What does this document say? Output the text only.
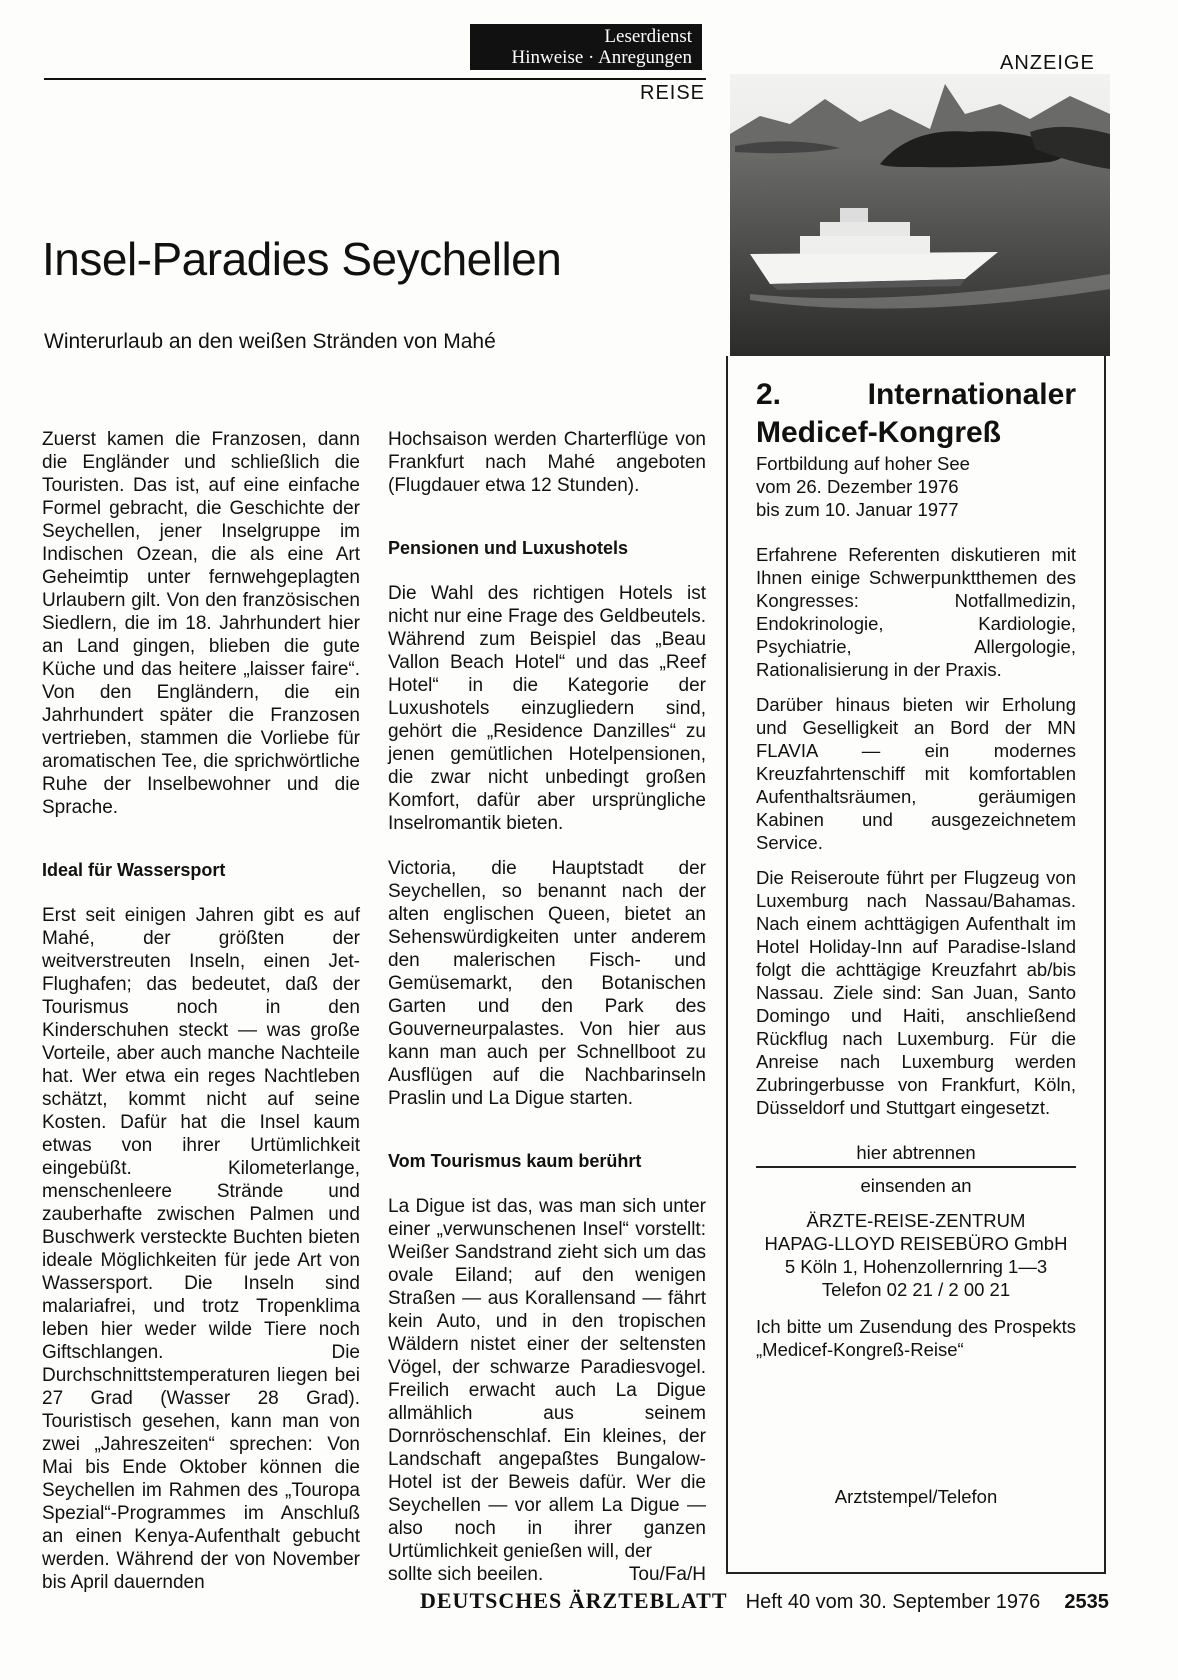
Leserdienst
Hinweise · Anregungen
REISE
ANZEIGE
Insel-Paradies Seychellen
Winterurlaub an den weißen Stränden von Mahé

Zuerst kamen die Franzosen, dann die Engländer und schließlich die Touristen. Das ist, auf eine einfache Formel gebracht, die Geschichte der Seychellen, jener Inselgruppe im Indischen Ozean, die als eine Art Geheimtip unter fernwehgeplagten Urlaubern gilt. Von den französischen Siedlern, die im 18. Jahrhundert hier an Land gingen, blieben die gute Küche und das heitere „laisser faire“. Von den Engländern, die ein Jahrhundert später die Franzosen vertrieben, stammen die Vorliebe für aromatischen Tee, die sprichwörtliche Ruhe der Inselbewohner und die Sprache.

Ideal für Wassersport

Erst seit einigen Jahren gibt es auf Mahé, der größten der weitverstreuten Inseln, einen Jet-Flughafen; das bedeutet, daß der Tourismus noch in den Kinderschuhen steckt — was große Vorteile, aber auch manche Nachteile hat. Wer etwa ein reges Nachtleben schätzt, kommt nicht auf seine Kosten. Dafür hat die Insel kaum etwas von ihrer Urtümlichkeit eingebüßt. Kilometerlange, menschenleere Strände und zauberhafte zwischen Palmen und Buschwerk versteckte Buchten bieten ideale Möglichkeiten für jede Art von Wassersport. Die Inseln sind malariafrei, und trotz Tropenklima leben hier weder wilde Tiere noch Giftschlangen. Die Durchschnittstemperaturen liegen bei 27 Grad (Wasser 28 Grad). Touristisch gesehen, kann man von zwei „Jahreszeiten“ sprechen: Von Mai bis Ende Oktober können die Seychellen im Rahmen des „Touropa Spezial“-Programmes im Anschluß an einen Kenya-Aufenthalt gebucht werden. Während der von November bis April dauernden

Hochsaison werden Charterflüge von Frankfurt nach Mahé angeboten (Flugdauer etwa 12 Stunden).

Pensionen und Luxushotels

Die Wahl des richtigen Hotels ist nicht nur eine Frage des Geldbeutels. Während zum Beispiel das „Beau Vallon Beach Hotel“ und das „Reef Hotel“ in die Kategorie der Luxushotels einzugliedern sind, gehört die „Residence Danzilles“ zu jenen gemütlichen Hotelpensionen, die zwar nicht unbedingt großen Komfort, dafür aber ursprüngliche Inselromantik bieten.

Victoria, die Hauptstadt der Seychellen, so benannt nach der alten englischen Queen, bietet an Sehenswürdigkeiten unter anderem den malerischen Fisch- und Gemüsemarkt, den Botanischen Garten und den Park des Gouverneurpalastes. Von hier aus kann man auch per Schnellboot zu Ausflügen auf die Nachbarinseln Praslin und La Digue starten.

Vom Tourismus kaum berührt

La Digue ist das, was man sich unter einer „verwunschenen Insel“ vorstellt: Weißer Sandstrand zieht sich um das ovale Eiland; auf den wenigen Straßen — aus Korallensand — fährt kein Auto, und in den tropischen Wäldern nistet einer der seltensten Vögel, der schwarze Paradiesvogel. Freilich erwacht auch La Digue allmählich aus seinem Dornröschenschlaf. Ein kleines, der Landschaft angepaßtes Bungalow-Hotel ist der Beweis dafür. Wer die Seychellen — vor allem La Digue — also noch in ihrer ganzen Urtümlichkeit genießen will, der

sollte sich beeilen.	Tou/Fa/H

2. Internationaler Medicef-Kongreß

Fortbildung auf hoher See

vom 26. Dezember 1976

bis zum 10. Januar 1977

Erfahrene Referenten diskutieren mit Ihnen einige Schwerpunktthemen des Kongresses: Notfallmedizin, Endokrinologie, Kardiologie, Psychiatrie, Allergologie, Rationalisierung in der Praxis.

Darüber hinaus bieten wir Erholung und Geselligkeit an Bord der MN FLAVIA — ein modernes Kreuzfahrtenschiff mit komfortablen Aufenthaltsräumen, geräumigen Kabinen und ausgezeichnetem Service.

Die Reiseroute führt per Flugzeug von Luxemburg nach Nassau/Bahamas. Nach einem achttägigen Aufenthalt im Hotel Holiday-Inn auf Paradise-Island folgt die achttägige Kreuzfahrt ab/bis Nassau. Ziele sind: San Juan, Santo Domingo und Haiti, anschließend Rückflug nach Luxemburg. Für die Anreise nach Luxemburg werden Zubringerbusse von Frankfurt, Köln, Düsseldorf und Stuttgart eingesetzt.

hier abtrennen

einsenden an

ÄRZTE-REISE-ZENTRUM

HAPAG-LLOYD REISEBÜRO GmbH

5 Köln 1, Hohenzollernring 1—3

Telefon 02 21 / 2 00 21

Ich bitte um Zusendung des Prospekts „Medicef-Kongreß-Reise“

Arztstempel/Telefon

DEUTSCHES ÄRZTEBLATT Heft 40 vom 30. September 1976 2535
